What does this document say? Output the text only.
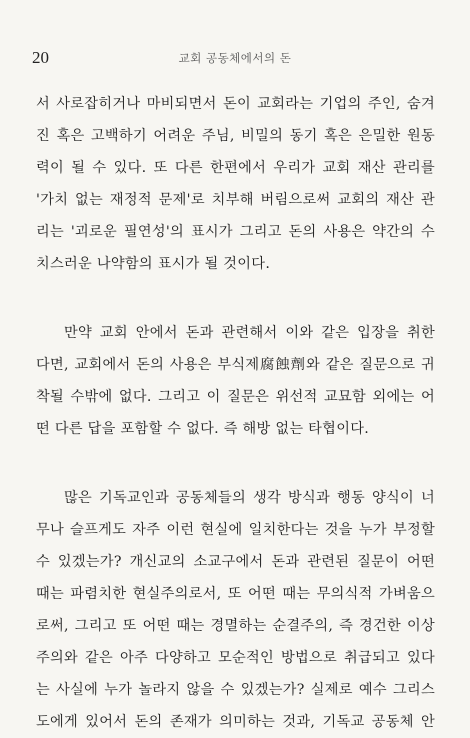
20	교회 공동체에서의 돈
서 사로잡히거나 마비되면서 돈이 교회라는 기업의 주인, 숨겨
진 혹은 고백하기 어려운 주님, 비밀의 동기 혹은 은밀한 원동
력이 될 수 있다. 또 다른 한편에서 우리가 교회 재산 관리를
'가치 없는 재정적 문제'로 치부해 버림으로써 교회의 재산 관
리는 '괴로운 필연성'의 표시가 그리고 돈의 사용은 약간의 수
치스러운 나약함의 표시가 될 것이다.
만약 교회 안에서 돈과 관련해서 이와 같은 입장을 취한
다면, 교회에서 돈의 사용은 부식제腐蝕劑와 같은 질문으로 귀
착될 수밖에 없다. 그리고 이 질문은 위선적 교묘함 외에는 어
떤 다른 답을 포함할 수 없다. 즉 해방 없는 타협이다.
많은 기독교인과 공동체들의 생각 방식과 행동 양식이 너
무나 슬프게도 자주 이런 현실에 일치한다는 것을 누가 부정할
수 있겠는가? 개신교의 소교구에서 돈과 관련된 질문이 어떤
때는 파렴치한 현실주의로서, 또 어떤 때는 무의식적 가벼움으
로써, 그리고 또 어떤 때는 경멸하는 순결주의, 즉 경건한 이상
주의와 같은 아주 다양하고 모순적인 방법으로 취급되고 있다
는 사실에 누가 놀라지 않을 수 있겠는가? 실제로 예수 그리스
도에게 있어서 돈의 존재가 의미하는 것과, 기독교 공동체 안
